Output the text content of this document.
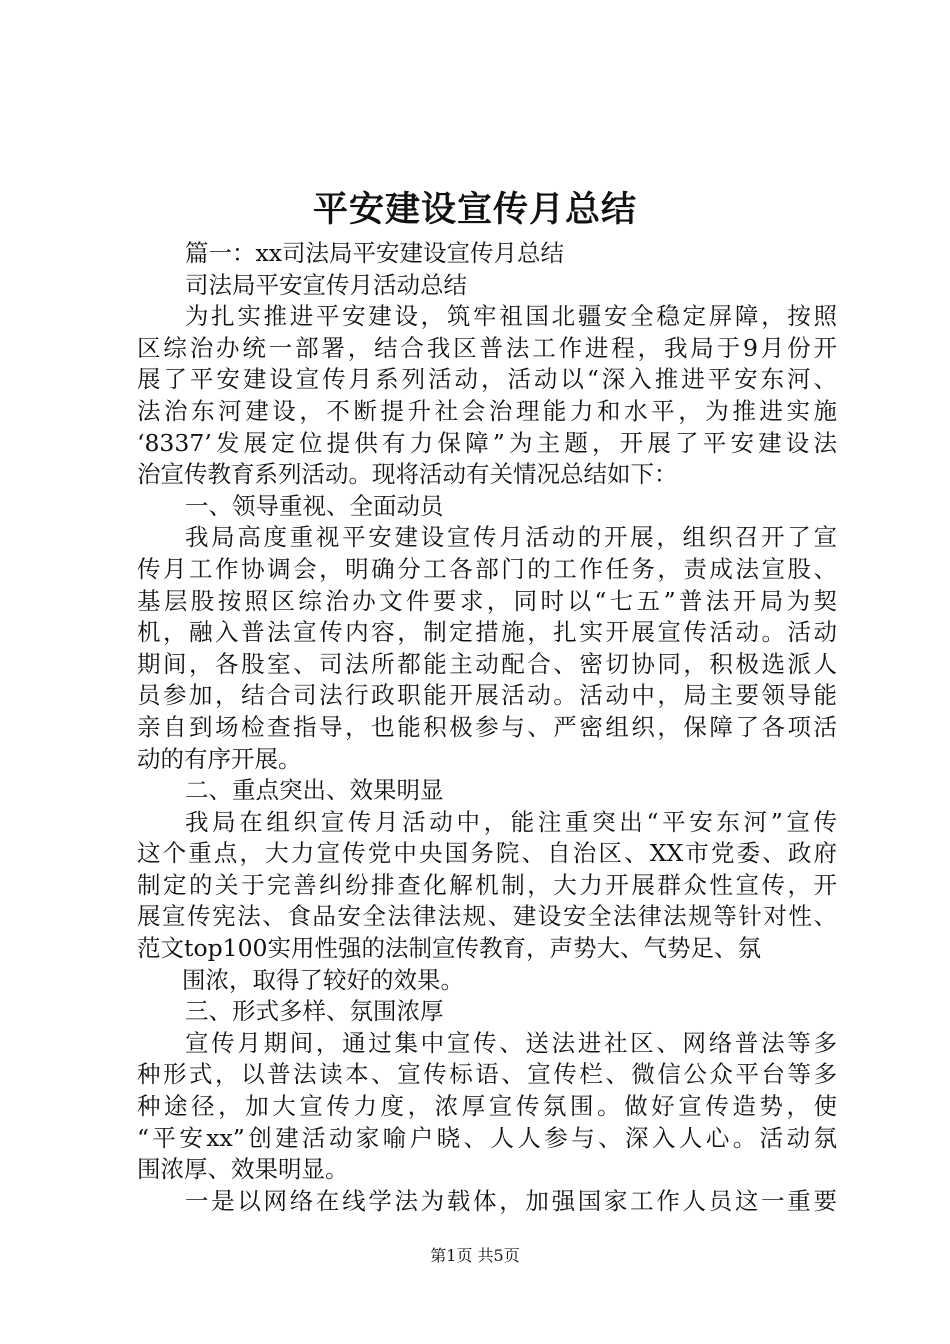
平安建设宣传月总结
篇一：xx司法局平安建设宣传月总结
司法局平安宣传月活动总结
为扎实推进平安建设，筑牢祖国北疆安全稳定屏障，按照
区综治办统一部署，结合我区普法工作进程，我局于9月份开
展了平安建设宣传月系列活动，活动以“深入推进平安东河、
法治东河建设，不断提升社会治理能力和水平，为推进实施
‘8337’发展定位提供有力保障”为主题，开展了平安建设法
治宣传教育系列活动。现将活动有关情况总结如下：
一、领导重视、全面动员
我局高度重视平安建设宣传月活动的开展，组织召开了宣
传月工作协调会，明确分工各部门的工作任务，责成法宣股、
基层股按照区综治办文件要求，同时以“七五”普法开局为契
机，融入普法宣传内容，制定措施，扎实开展宣传活动。活动
期间，各股室、司法所都能主动配合、密切协同，积极选派人
员参加，结合司法行政职能开展活动。活动中，局主要领导能
亲自到场检查指导，也能积极参与、严密组织，保障了各项活
动的有序开展。
二、重点突出、效果明显
我局在组织宣传月活动中，能注重突出“平安东河”宣传
这个重点，大力宣传党中央国务院、自治区、XX市党委、政府
制定的关于完善纠纷排查化解机制，大力开展群众性宣传，开
展宣传宪法、食品安全法律法规、建设安全法律法规等针对性、
范文top100实用性强的法制宣传教育，声势大、气势足、氛
围浓，取得了较好的效果。
三、形式多样、氛围浓厚
宣传月期间，通过集中宣传、送法进社区、网络普法等多
种形式，以普法读本、宣传标语、宣传栏、微信公众平台等多
种途径，加大宣传力度，浓厚宣传氛围。做好宣传造势，使
“平安xx”创建活动家喻户晓、人人参与、深入人心。活动氛
围浓厚、效果明显。
一是以网络在线学法为载体，加强国家工作人员这一重要
第1页 共5页
